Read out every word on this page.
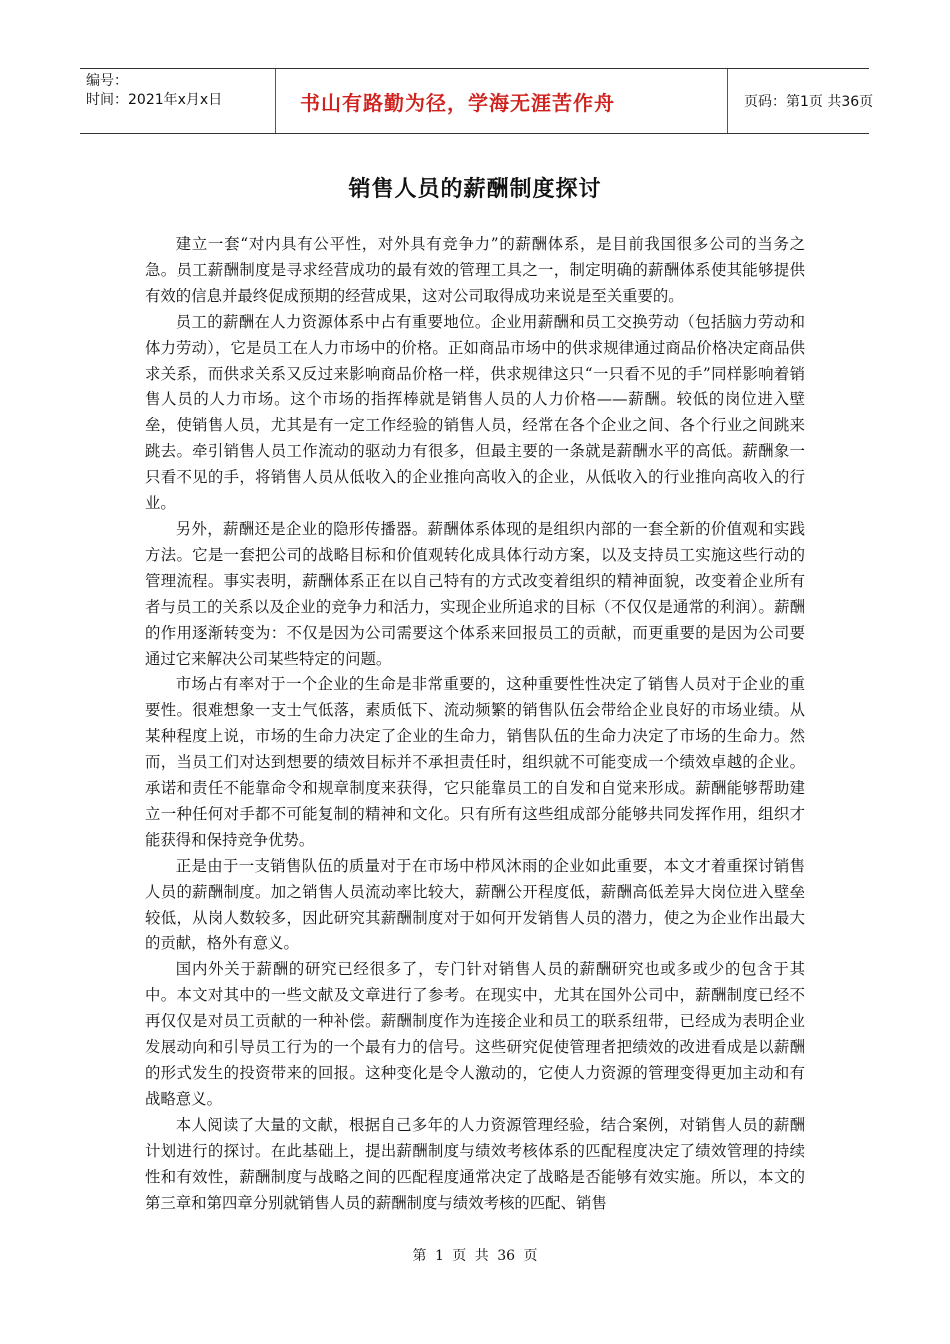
编号：
时间：2021年x月x日	书山有路勤为径，学海无涯苦作舟	页码：第1页 共36页
销售人员的薪酬制度探讨

建立一套“对内具有公平性，对外具有竞争力”的薪酬体系，是目前我国很多公司的当务之急。员工薪酬制度是寻求经营成功的最有效的管理工具之一，制定明确的薪酬体系使其能够提供有效的信息并最终促成预期的经营成果，这对公司取得成功来说是至关重要的。

员工的薪酬在人力资源体系中占有重要地位。企业用薪酬和员工交换劳动（包括脑力劳动和体力劳动），它是员工在人力市场中的价格。正如商品市场中的供求规律通过商品价格决定商品供求关系，而供求关系又反过来影响商品价格一样，供求规律这只“一只看不见的手”同样影响着销售人员的人力市场。这个市场的指挥棒就是销售人员的人力价格——薪酬。较低的岗位进入壁垒，使销售人员，尤其是有一定工作经验的销售人员，经常在各个企业之间、各个行业之间跳来跳去。牵引销售人员工作流动的驱动力有很多，但最主要的一条就是薪酬水平的高低。薪酬象一只看不见的手，将销售人员从低收入的企业推向高收入的企业，从低收入的行业推向高收入的行业。

另外，薪酬还是企业的隐形传播器。薪酬体系体现的是组织内部的一套全新的价值观和实践方法。它是一套把公司的战略目标和价值观转化成具体行动方案，以及支持员工实施这些行动的管理流程。事实表明，薪酬体系正在以自己特有的方式改变着组织的精神面貌，改变着企业所有者与员工的关系以及企业的竞争力和活力，实现企业所追求的目标（不仅仅是通常的利润）。薪酬的作用逐渐转变为：不仅是因为公司需要这个体系来回报员工的贡献，而更重要的是因为公司要通过它来解决公司某些特定的问题。

市场占有率对于一个企业的生命是非常重要的，这种重要性性决定了销售人员对于企业的重要性。很难想象一支士气低落，素质低下、流动频繁的销售队伍会带给企业良好的市场业绩。从某种程度上说，市场的生命力决定了企业的生命力，销售队伍的生命力决定了市场的生命力。然而，当员工们对达到想要的绩效目标并不承担责任时，组织就不可能变成一个绩效卓越的企业。承诺和责任不能靠命令和规章制度来获得，它只能靠员工的自发和自觉来形成。薪酬能够帮助建立一种任何对手都不可能复制的精神和文化。只有所有这些组成部分能够共同发挥作用，组织才能获得和保持竞争优势。

正是由于一支销售队伍的质量对于在市场中栉风沐雨的企业如此重要，本文才着重探讨销售人员的薪酬制度。加之销售人员流动率比较大，薪酬公开程度低，薪酬高低差异大岗位进入壁垒较低，从岗人数较多，因此研究其薪酬制度对于如何开发销售人员的潜力，使之为企业作出最大的贡献，格外有意义。

国内外关于薪酬的研究已经很多了，专门针对销售人员的薪酬研究也或多或少的包含于其中。本文对其中的一些文献及文章进行了参考。在现实中，尤其在国外公司中，薪酬制度已经不再仅仅是对员工贡献的一种补偿。薪酬制度作为连接企业和员工的联系纽带，已经成为表明企业发展动向和引导员工行为的一个最有力的信号。这些研究促使管理者把绩效的改进看成是以薪酬的形式发生的投资带来的回报。这种变化是令人激动的，它使人力资源的管理变得更加主动和有战略意义。

本人阅读了大量的文献，根据自己多年的人力资源管理经验，结合案例，对销售人员的薪酬计划进行的探讨。在此基础上，提出薪酬制度与绩效考核体系的匹配程度决定了绩效管理的持续性和有效性，薪酬制度与战略之间的匹配程度通常决定了战略是否能够有效实施。所以，本文的第三章和第四章分别就销售人员的薪酬制度与绩效考核的匹配、销售

第 1 页 共 36 页
